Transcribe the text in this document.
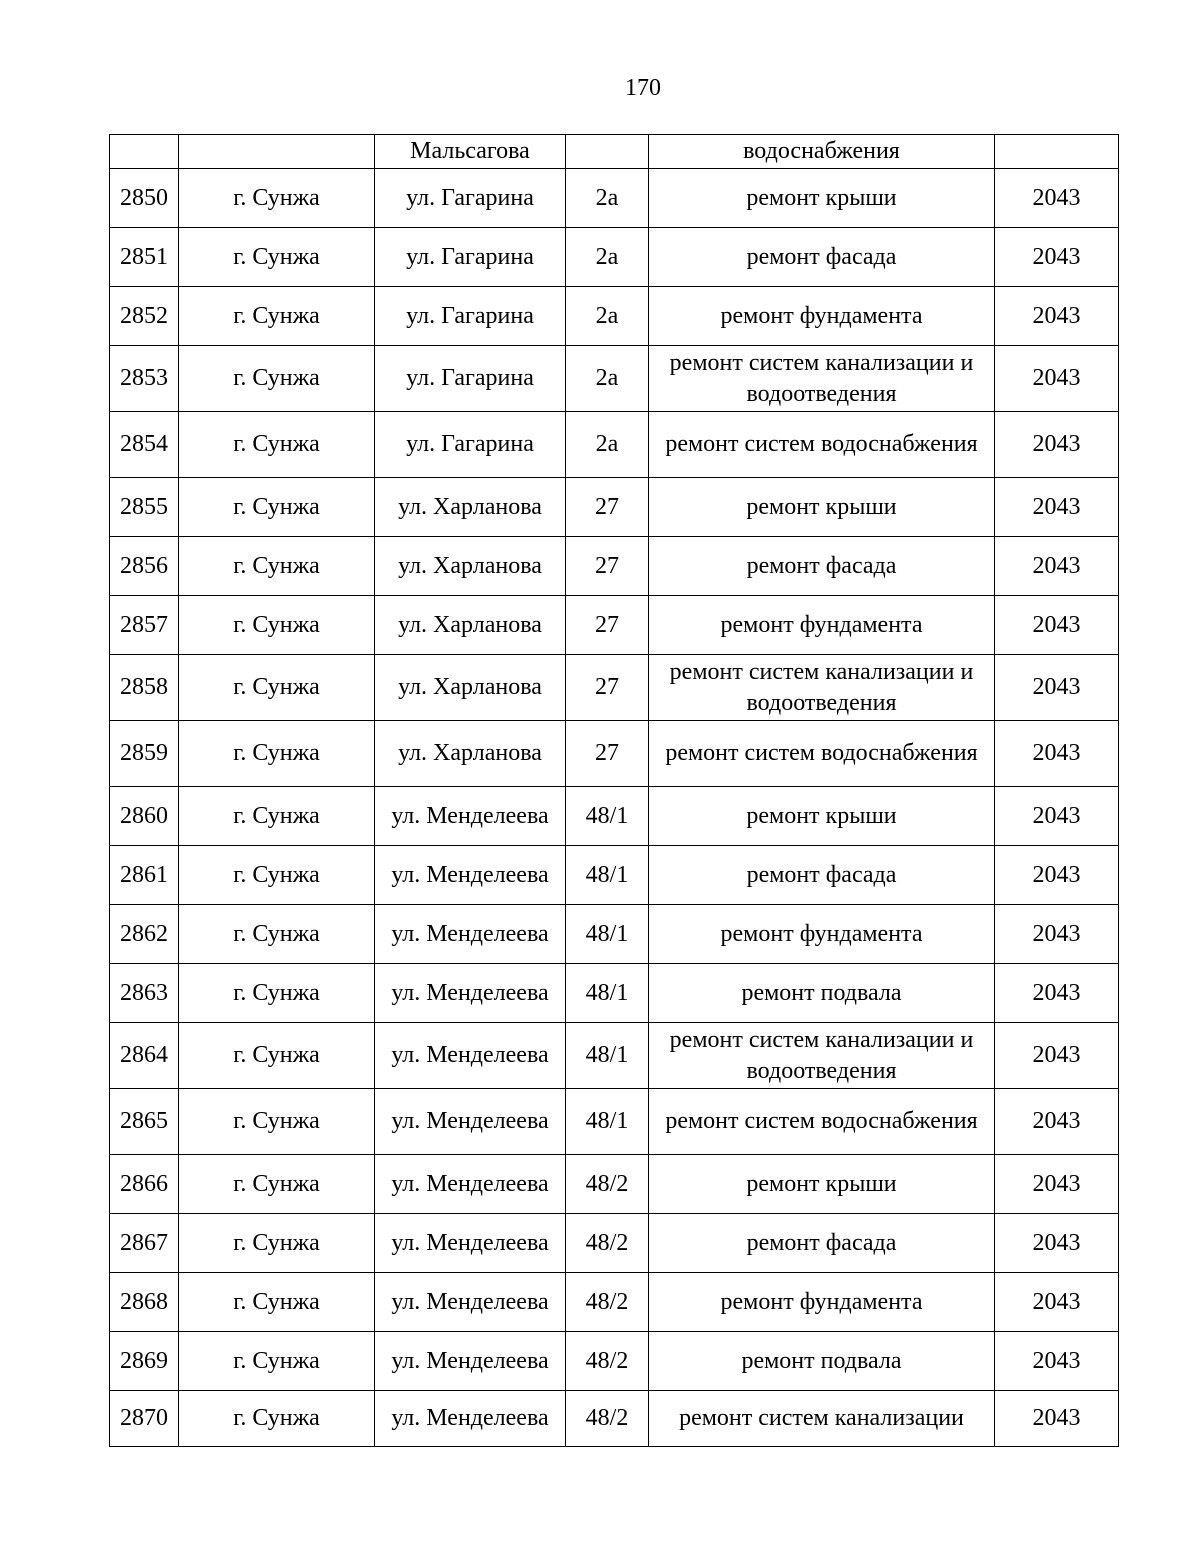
170
		Мальсагова		водоснабжения	
2850	г. Сунжа	ул. Гагарина	2а	ремонт крыши	2043
2851	г. Сунжа	ул. Гагарина	2а	ремонт фасада	2043
2852	г. Сунжа	ул. Гагарина	2а	ремонт фундамента	2043
2853	г. Сунжа	ул. Гагарина	2а	ремонт систем канализации и водоотведения	2043
2854	г. Сунжа	ул. Гагарина	2а	ремонт систем водоснабжения	2043
2855	г. Сунжа	ул. Харланова	27	ремонт крыши	2043
2856	г. Сунжа	ул. Харланова	27	ремонт фасада	2043
2857	г. Сунжа	ул. Харланова	27	ремонт фундамента	2043
2858	г. Сунжа	ул. Харланова	27	ремонт систем канализации и водоотведения	2043
2859	г. Сунжа	ул. Харланова	27	ремонт систем водоснабжения	2043
2860	г. Сунжа	ул. Менделеева	48/1	ремонт крыши	2043
2861	г. Сунжа	ул. Менделеева	48/1	ремонт фасада	2043
2862	г. Сунжа	ул. Менделеева	48/1	ремонт фундамента	2043
2863	г. Сунжа	ул. Менделеева	48/1	ремонт подвала	2043
2864	г. Сунжа	ул. Менделеева	48/1	ремонт систем канализации и водоотведения	2043
2865	г. Сунжа	ул. Менделеева	48/1	ремонт систем водоснабжения	2043
2866	г. Сунжа	ул. Менделеева	48/2	ремонт крыши	2043
2867	г. Сунжа	ул. Менделеева	48/2	ремонт фасада	2043
2868	г. Сунжа	ул. Менделеева	48/2	ремонт фундамента	2043
2869	г. Сунжа	ул. Менделеева	48/2	ремонт подвала	2043
2870	г. Сунжа	ул. Менделеева	48/2	ремонт систем канализации	2043
